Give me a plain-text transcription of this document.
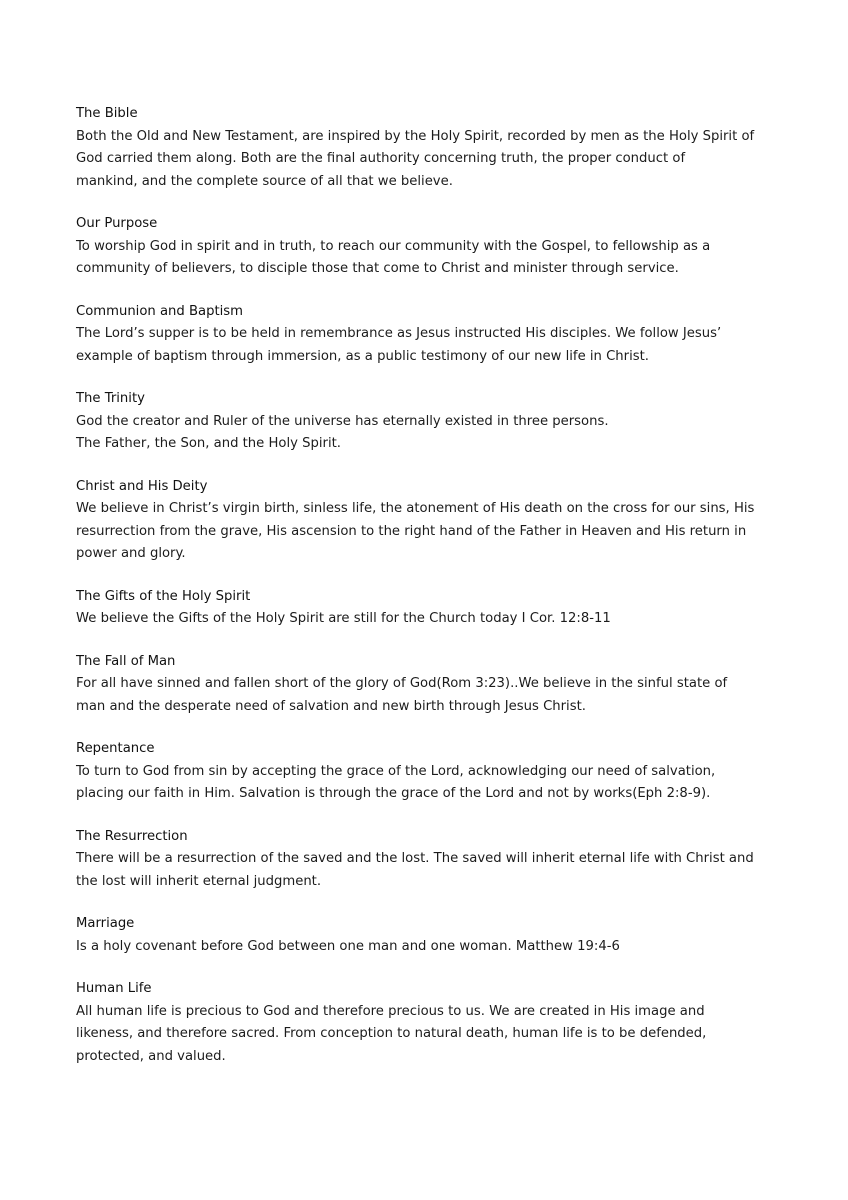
The Bible

Both the Old and New Testament, are inspired by the Holy Spirit, recorded by men as the Holy Spirit of

God carried them along. Both are the final authority concerning truth, the proper conduct of

mankind, and the complete source of all that we believe.

Our Purpose

To worship God in spirit and in truth, to reach our community with the Gospel, to fellowship as a

community of believers, to disciple those that come to Christ and minister through service.

Communion and Baptism

The Lord’s supper is to be held in remembrance as Jesus instructed His disciples. We follow Jesus’

example of baptism through immersion, as a public testimony of our new life in Christ.

The Trinity

God the creator and Ruler of the universe has eternally existed in three persons.

The Father, the Son, and the Holy Spirit.

Christ and His Deity

We believe in Christ’s virgin birth, sinless life, the atonement of His death on the cross for our sins, His

resurrection from the grave, His ascension to the right hand of the Father in Heaven and His return in

power and glory.

The Gifts of the Holy Spirit

We believe the Gifts of the Holy Spirit are still for the Church today I Cor. 12:8-11

The Fall of Man

For all have sinned and fallen short of the glory of God(Rom 3:23)..We believe in the sinful state of

man and the desperate need of salvation and new birth through Jesus Christ.

Repentance

To turn to God from sin by accepting the grace of the Lord, acknowledging our need of salvation,

placing our faith in Him. Salvation is through the grace of the Lord and not by works(Eph 2:8-9).

The Resurrection

There will be a resurrection of the saved and the lost. The saved will inherit eternal life with Christ and

the lost will inherit eternal judgment.

Marriage

Is a holy covenant before God between one man and one woman. Matthew 19:4-6

Human Life

All human life is precious to God and therefore precious to us. We are created in His image and

likeness, and therefore sacred. From conception to natural death, human life is to be defended,

protected, and valued.
